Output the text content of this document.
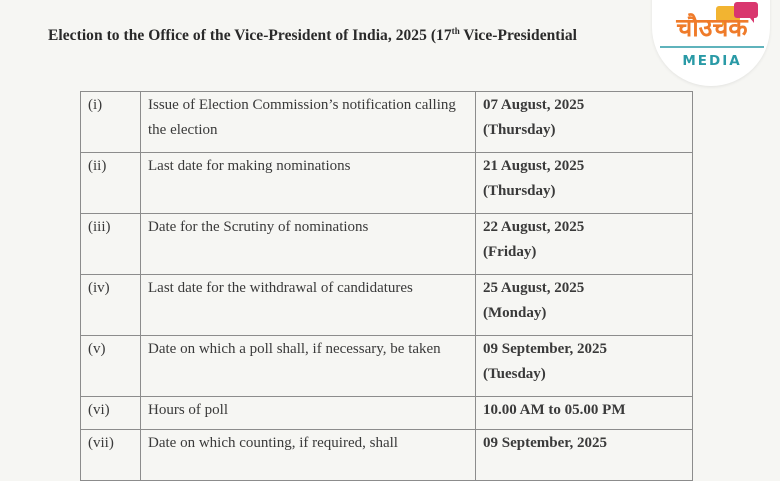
Election to the Office of the Vice-President of India, 2025 (17th Vice-Presidential
(i)	Issue of Election Commission’s notification calling the election	07 August, 2025
(Thursday)

(ii)	Last date for making nominations	21 August, 2025
(Thursday)

(iii)	Date for the Scrutiny of nominations	22 August, 2025
(Friday)

(iv)	Last date for the withdrawal of candidatures	25 August, 2025
(Monday)

(v)	Date on which a poll shall, if necessary, be taken	09 September, 2025
(Tuesday)

(vi)	Hours of poll	10.00 AM to 05.00 PM

(vii)	Date on which counting, if required, shall	09 September, 2025
चौउचक
MEDIA
